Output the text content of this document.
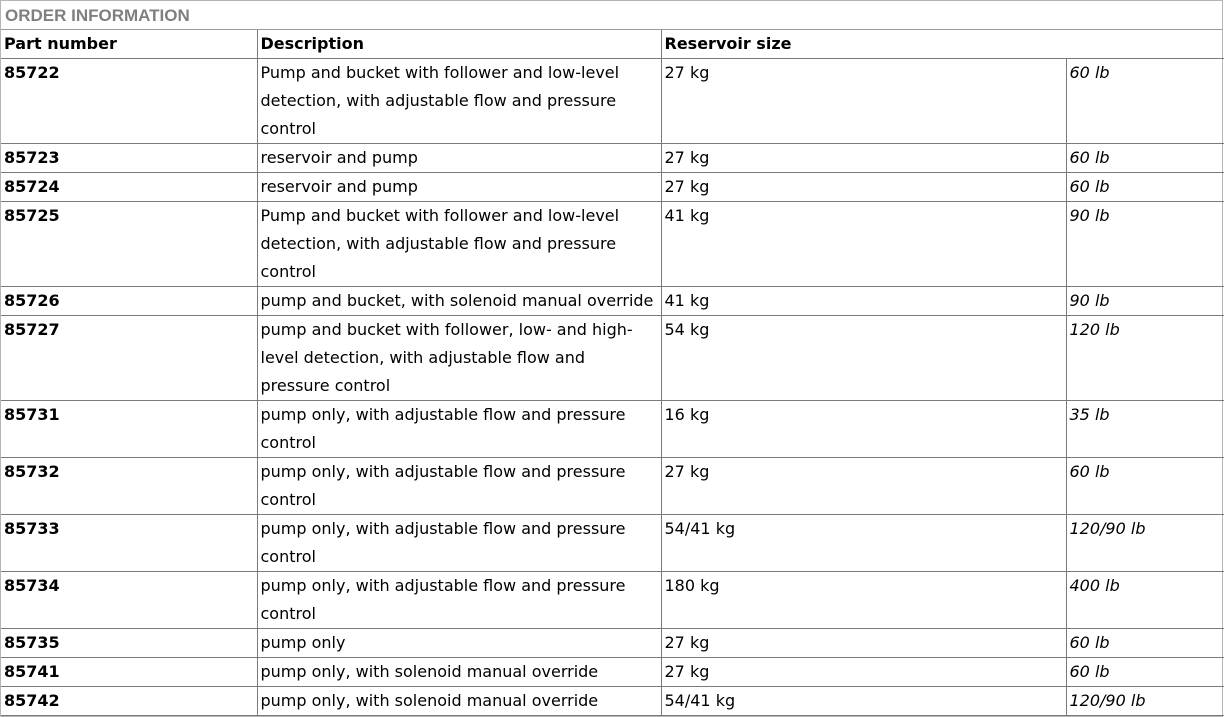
ORDER INFORMATION
Part number	Description	Reservoir size	
85722	Pump and bucket with follower and low-level detection, with adjustable flow and pressure control	27 kg	60 lb
85723	reservoir and pump	27 kg	60 lb
85724	reservoir and pump	27 kg	60 lb
85725	Pump and bucket with follower and low-level detection, with adjustable flow and pressure control	41 kg	90 lb
85726	pump and bucket, with solenoid manual override	41 kg	90 lb
85727	pump and bucket with follower, low- and high-level detection, with adjustable flow and pressure control	54 kg	120 lb
85731	pump only, with adjustable flow and pressure control	16 kg	35 lb
85732	pump only, with adjustable flow and pressure control	27 kg	60 lb
85733	pump only, with adjustable flow and pressure control	54/41 kg	120/90 lb
85734	pump only, with adjustable flow and pressure control	180 kg	400 lb
85735	pump only	27 kg	60 lb
85741	pump only, with solenoid manual override	27 kg	60 lb
85742	pump only, with solenoid manual override	54/41 kg	120/90 lb
